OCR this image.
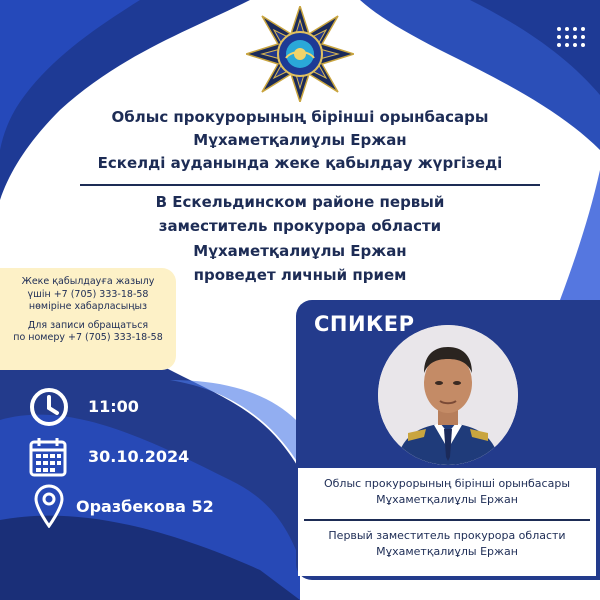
Облыс прокурорының бірінші орынбасары
Мұхаметқалиұлы Ержан
Ескелді ауданында жеке қабылдау жүргізеді
В Ескельдинском районе первый
заместитель прокурора области
Мұхаметқалиұлы Ержан
проведет личный прием
Жеке қабылдауға жазылу
үшін +7 (705) 333-18-58
нөміріне хабарласыңыз
Для записи обращаться
по номеру +7 (705) 333-18-58
11:00
30.10.2024
Оразбекова 52
СПИКЕР
Облыс прокурорының бірінші орынбасары
Мұхаметқалиұлы Ержан
Первый заместитель прокурора области
Мұхаметқалиұлы Ержан
